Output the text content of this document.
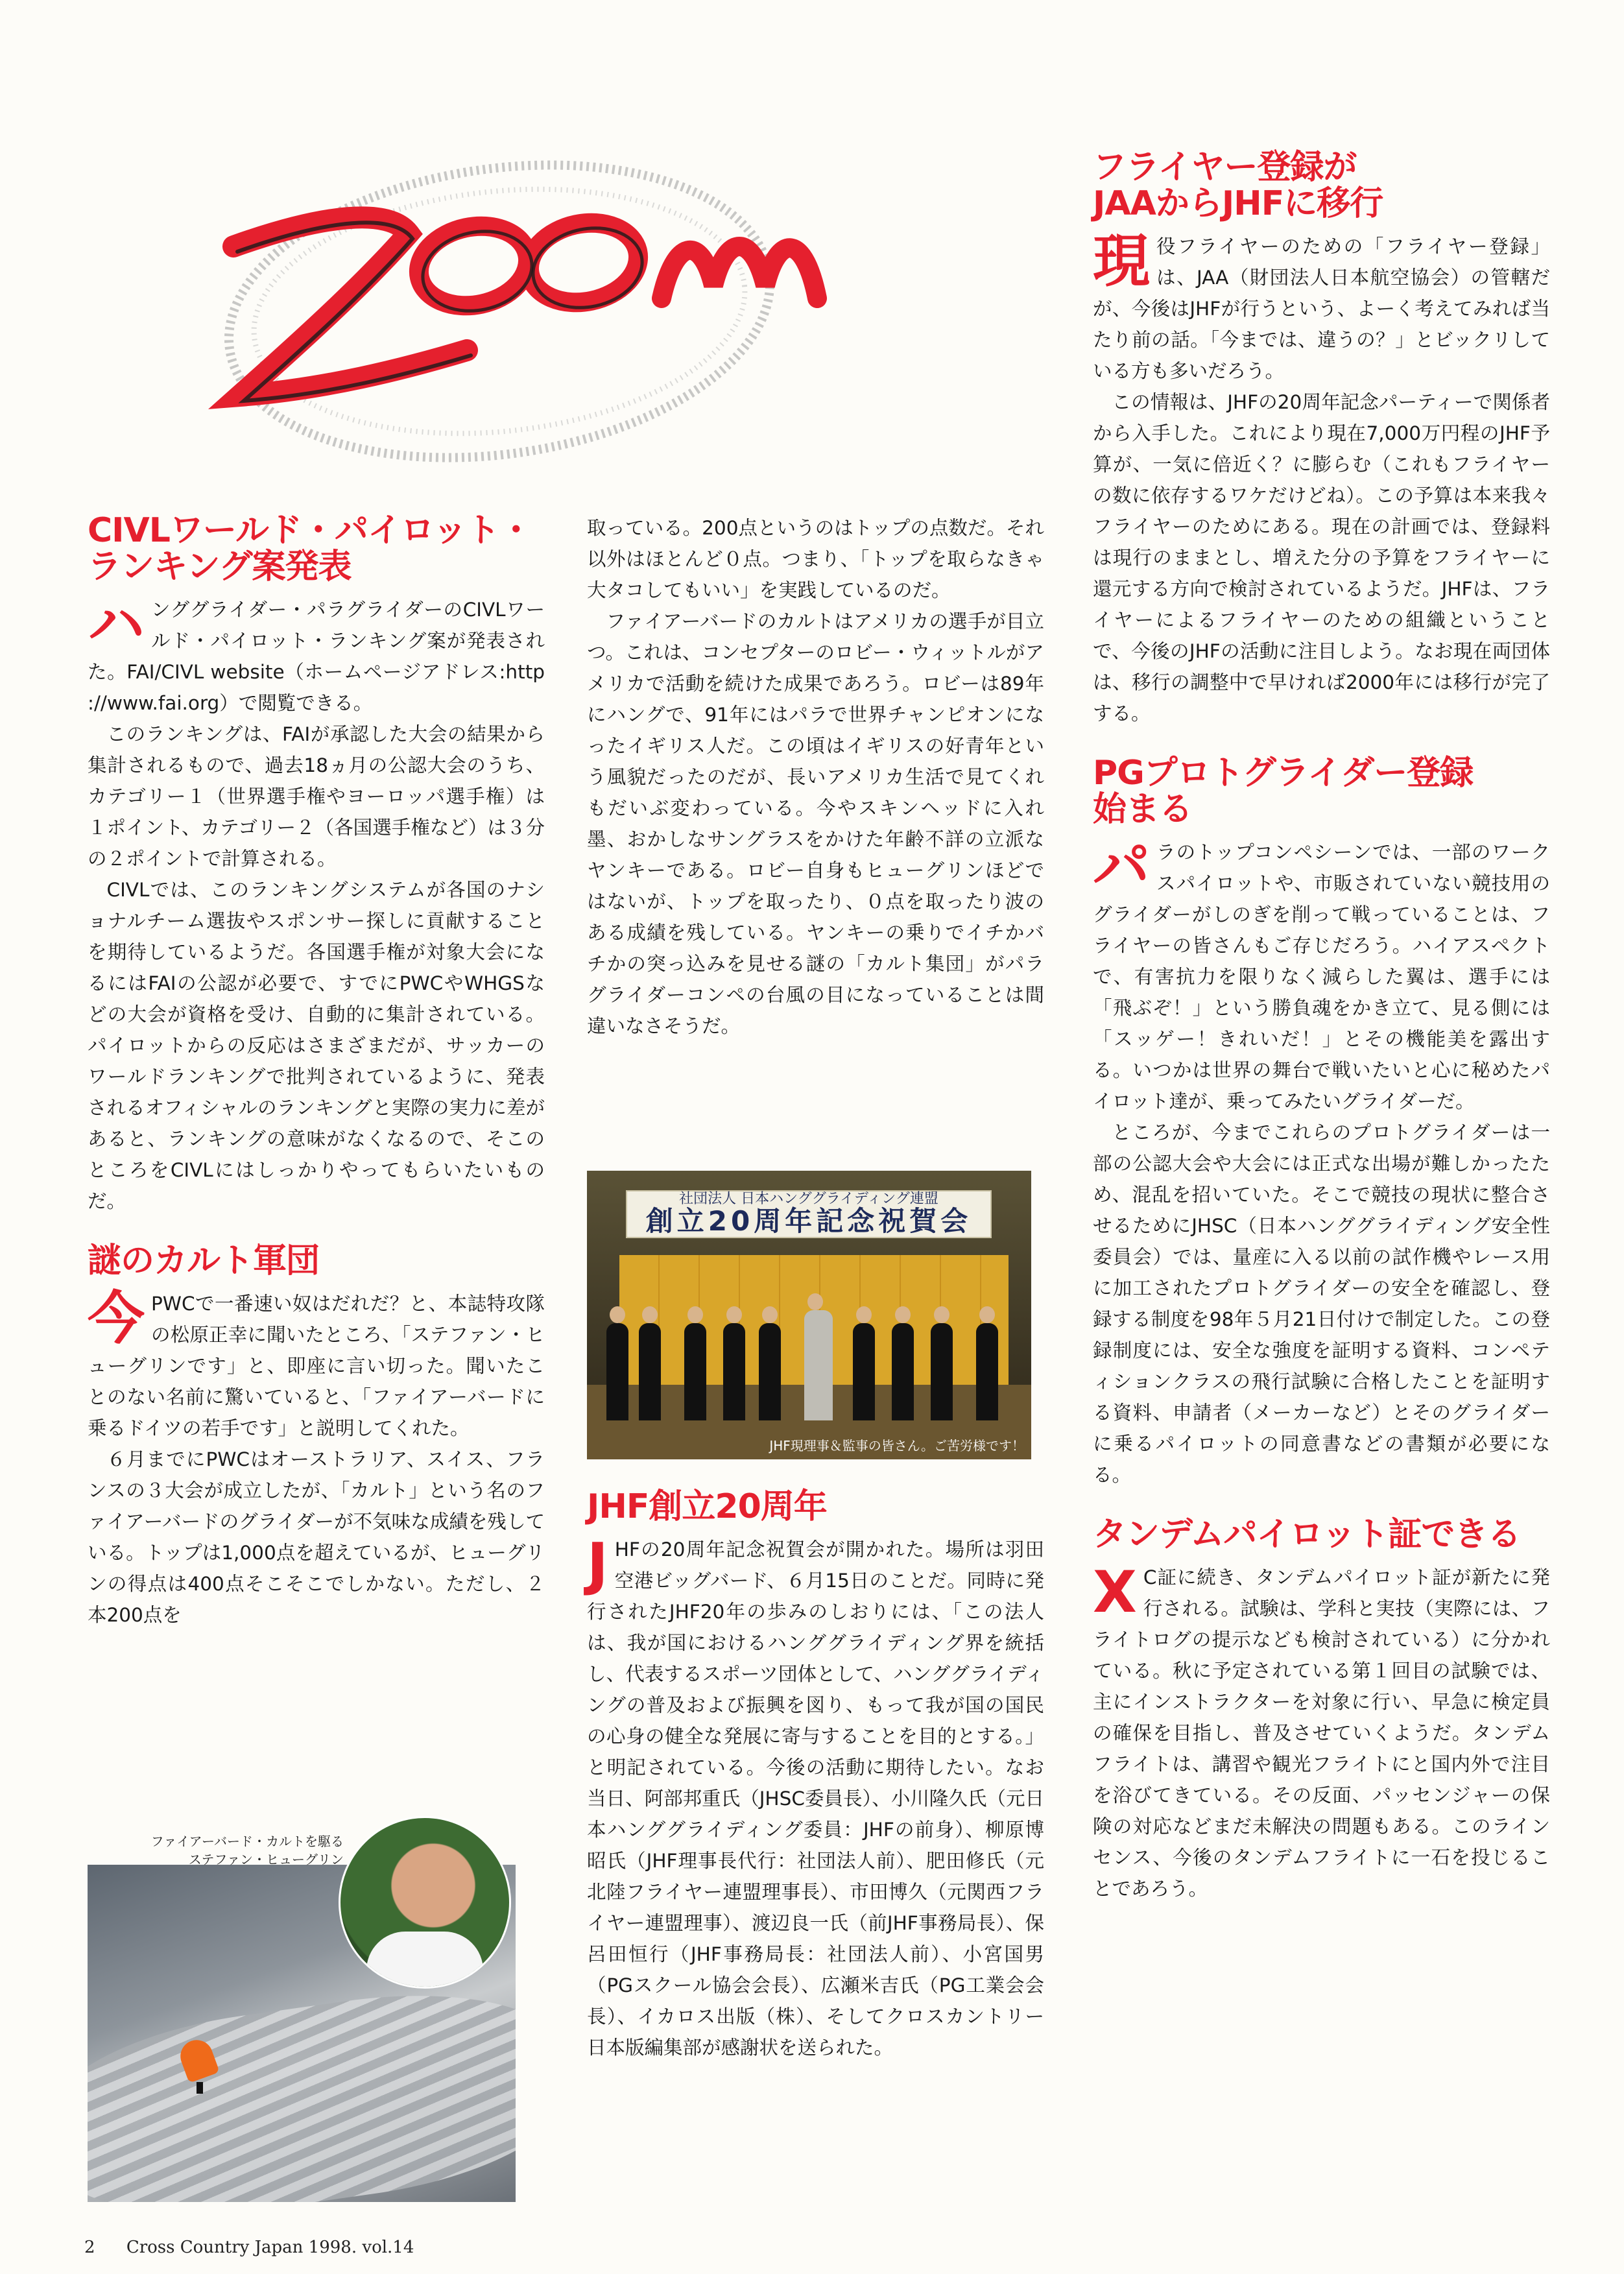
ZOOM
CIVLワールド・パイロット・
ランキング案発表

ハンググライダー・パラグライダーのCIVLワールド・パイロット・ランキング案が発表された。FAI/CIVL website（ホームページアドレス:http ://www.fai.org）で閲覧できる。

このランキングは、FAIが承認した大会の結果から集計されるもので、過去18ヵ月の公認大会のうち、カテゴリー１（世界選手権やヨーロッパ選手権）は１ポイント、カテゴリー２（各国選手権など）は３分の２ポイントで計算される。

CIVLでは、このランキングシステムが各国のナショナルチーム選抜やスポンサー探しに貢献することを期待しているようだ。各国選手権が対象大会になるにはFAIの公認が必要で、すでにPWCやWHGSなどの大会が資格を受け、自動的に集計されている。パイロットからの反応はさまざまだが、サッカーのワールドランキングで批判されているように、発表されるオフィシャルのランキングと実際の実力に差があると、ランキングの意味がなくなるので、そこのところをCIVLにはしっかりやってもらいたいものだ。

謎のカルト軍団

今PWCで一番速い奴はだれだ？と、本誌特攻隊の松原正幸に聞いたところ、「ステファン・ヒューグリンです」と、即座に言い切った。聞いたことのない名前に驚いていると、「ファイアーバードに乗るドイツの若手です」と説明してくれた。

６月までにPWCはオーストラリア、スイス、フランスの３大会が成立したが、「カルト」という名のファイアーバードのグライダーが不気味な成績を残している。トップは1,000点を超えているが、ヒューグリンの得点は400点そこそこでしかない。ただし、２本200点を

取っている。200点というのはトップの点数だ。それ以外はほとんど０点。つまり、「トップを取らなきゃ大タコしてもいい」を実践しているのだ。

ファイアーバードのカルトはアメリカの選手が目立つ。これは、コンセプターのロビー・ウィットルがアメリカで活動を続けた成果であろう。ロビーは89年にハングで、91年にはパラで世界チャンピオンになったイギリス人だ。この頃はイギリスの好青年という風貌だったのだが、長いアメリカ生活で見てくれもだいぶ変わっている。今やスキンヘッドに入れ墨、おかしなサングラスをかけた年齢不詳の立派なヤンキーである。ロビー自身もヒューグリンほどではないが、トップを取ったり、０点を取ったり波のある成績を残している。ヤンキーの乗りでイチかバチかの突っ込みを見せる謎の「カルト集団」がパラグライダーコンペの台風の目になっていることは間違いなさそうだ。

社団法人 日本ハンググライディング連盟
創立20周年記念祝賀会
JHF現理事＆監事の皆さん。ご苦労様です！
JHF創立20周年

JHFの20周年記念祝賀会が開かれた。場所は羽田空港ビッグバード、６月15日のことだ。同時に発行されたJHF20年の歩みのしおりには、「この法人は、我が国におけるハンググライディング界を統括し、代表するスポーツ団体として、ハンググライディングの普及および振興を図り、もって我が国の国民の心身の健全な発展に寄与することを目的とする。」と明記されている。今後の活動に期待したい。なお当日、阿部邦重氏（JHSC委員長）、小川隆久氏（元日本ハンググライディング委員：JHFの前身）、柳原博昭氏（JHF理事長代行：社団法人前）、肥田修氏（元北陸フライヤー連盟理事長）、市田博久（元関西フライヤー連盟理事）、渡辺良一氏（前JHF事務局長）、保呂田恒行（JHF事務局長：社団法人前）、小宮国男（PGスクール協会会長）、広瀬米吉氏（PG工業会会長）、イカロス出版（株）、そしてクロスカントリー日本版編集部が感謝状を送られた。

フライヤー登録が
JAAからJHFに移行

現役フライヤーのための「フライヤー登録」は、JAA（財団法人日本航空協会）の管轄だが、今後はJHFが行うという、よーく考えてみれば当たり前の話。「今までは、違うの？」とビックリしている方も多いだろう。

この情報は、JHFの20周年記念パーティーで関係者から入手した。これにより現在7,000万円程のJHF予算が、一気に倍近く？に膨らむ（これもフライヤーの数に依存するワケだけどね）。この予算は本来我々フライヤーのためにある。現在の計画では、登録料は現行のままとし、増えた分の予算をフライヤーに還元する方向で検討されているようだ。JHFは、フライヤーによるフライヤーのための組織ということで、今後のJHFの活動に注目しよう。なお現在両団体は、移行の調整中で早ければ2000年には移行が完了する。

PGプロトグライダー登録
始まる

パラのトップコンペシーンでは、一部のワークスパイロットや、市販されていない競技用のグライダーがしのぎを削って戦っていることは、フライヤーの皆さんもご存じだろう。ハイアスペクトで、有害抗力を限りなく減らした翼は、選手には「飛ぶぞ！」という勝負魂をかき立て、見る側には「スッゲー！きれいだ！」とその機能美を露出する。いつかは世界の舞台で戦いたいと心に秘めたパイロット達が、乗ってみたいグライダーだ。

ところが、今までこれらのプロトグライダーは一部の公認大会や大会には正式な出場が難しかったため、混乱を招いていた。そこで競技の現状に整合させるためにJHSC（日本ハンググライディング安全性委員会）では、量産に入る以前の試作機やレース用に加工されたプロトグライダーの安全を確認し、登録する制度を98年５月21日付けで制定した。この登録制度には、安全な強度を証明する資料、コンペティションクラスの飛行試験に合格したことを証明する資料、申請者（メーカーなど）とそのグライダーに乗るパイロットの同意書などの書類が必要になる。

タンデムパイロット証できる

XC証に続き、タンデムパイロット証が新たに発行される。試験は、学科と実技（実際には、フライトログの提示なども検討されている）に分かれている。秋に予定されている第１回目の試験では、主にインストラクターを対象に行い、早急に検定員の確保を目指し、普及させていくようだ。タンデムフライトは、講習や観光フライトにと国内外で注目を浴びてきている。その反面、パッセンジャーの保険の対応などまだ未解決の問題もある。このラインセンス、今後のタンデムフライトに一石を投じることであろう。

ファイアーバード・カルトを駆る
ステファン・ヒューグリン
2 Cross Country Japan 1998. vol.14
